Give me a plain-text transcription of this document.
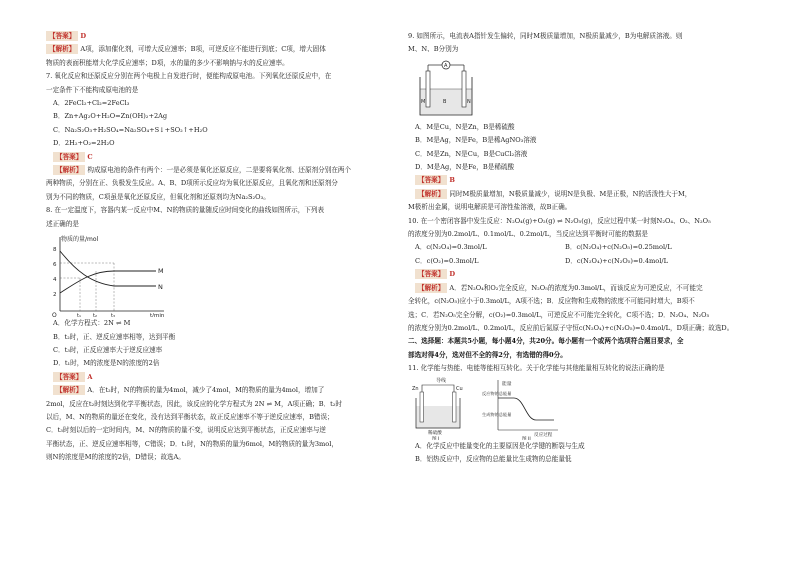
【答案】 D
【解析】 A项，添加催化剂，可增大反应速率；B项，可逆反应不能进行到底；C项，增大固体
物质的表面积能增大化学反应速率；D项，水的量的多少不影响钠与水的反应速率。
7. 氧化反应和还原反应分别在两个电极上自发进行时，便能构成原电池。下列氧化还原反应中，在
一定条件下不能构成原电池的是
A．2FeCl₂+Cl₂=2FeCl₃
B．Zn+Ag₂O+H₂O=Zn(OH)₂+2Ag
C．Na₂S₂O₃+H₂SO₄=Na₂SO₄+S↓+SO₂↑+H₂O
D．2H₂+O₂=2H₂O
【答案】 C
【解析】 构成原电池的条件有两个：一是必须是氧化还原反应，二是要将氧化剂、还原剂分别在两个
两种物质，分别在正、负极发生反应。A、B、D项所示反应均为氧化还原反应，且氧化剂和还原剂分
别为不同的物质，C项虽是氧化还原反应，但氧化剂和还原剂均为Na₂S₂O₃。
8. 在一定温度下，容器内某一反应中M、N的物质的量随反应时间变化的曲线如图所示，下列表
述正确的是
物质的量/mol
t/min
O
8
6
4
2
M
N
t₁ t₂	t₃
A．化学方程式：2N ⇌ M
B．t₂时，正、逆反应速率相等，达到平衡
C．t₃时，正反应速率大于逆反应速率
D．t₁时，M的浓度是N的浓度的2倍
【答案】 A
【解析】 A．在t₂时，N的物质的量为4mol，减少了4mol，M的物质的量为4mol，增加了
2mol，反应在t₂时刻达到化学平衡状态，因此，该反应的化学方程式为 2N ⇌ M，A项正确；B．t₂时
以后，M、N的物质的量还在变化，没有达到平衡状态，故正反应速率不等于逆反应速率，B错误；
C．t₃时刻以后的一定时间内，M、N的物质的量不变，说明反应达到平衡状态，正反应速率与逆
平衡状态，正、逆反应速率相等，C错误；D．t₁时，N的物质的量为6mol，M的物质的量为3mol，
则N的浓度是M的浓度的2倍，D错误；故选A。
9. 如图所示，电流表A指针发生偏转，同时M极质量增加，N极质量减少，B为电解质溶液。则
M、N、B分别为
A
M	N
B
A．M是Cu，N是Zn，B是稀硫酸
B．M是Ag，N是Fe，B是稀AgNO₃溶液
C．M是Zn，N是Cu，B是CuCl₂溶液
D．M是Ag，N是Fe，B是稀硫酸
【答案】 B
【解析】 同时M极质量增加，N极质量减少，说明N是负极、M是正极，N的活泼性大于M，
M极析出金属，说明电解质是可溶性盐溶液，故B正确。
10. 在一个密闭容器中发生反应：N₂O₄(g)+O₂(g) ⇌ N₂O₅(g)，反应过程中某一时刻N₂O₄、O₂、N₂O₅
的浓度分别为0.2mol/L、0.1mol/L、0.2mol/L，当反应达到平衡时可能的数据是
A．c(N₂O₄)=0.3mol/L	B．c(N₂O₄)+c(N₂O₅)=0.25mol/L
C．c(O₂)=0.3mol/L	D．c(N₂O₄)+c(N₂O₅)=0.4mol/L
【答案】 D
【解析】 A．若N₂O₄和O₂完全反应，N₂O₅的浓度为0.3mol/L，而该反应为可逆反应，不可能完
全转化，c(N₂O₅)应小于0.3mol/L，A项不选；B．反应物和生成物的浓度不可能同时增大，B项不
选；C．若N₂O₅完全分解，c(O₂)=0.3mol/L，可逆反应不可能完全转化，C项不选；D．N₂O₄、N₂O₅
的浓度分别为0.2mol/L、0.2mol/L，反应前后氮原子守恒c(N₂O₄)+c(N₂O₅)=0.4mol/L，D项正确；故选D。
二、选择题：本题共5小题，每小题4分，共20分。每小题有一个或两个选项符合题目要求，全
部选对得4分，选对但不全的得2分，有选错的得0分。
11. 化学能与热能、电能等能相互转化。关于化学能与其他能量相互转化的说法正确的是
导线
Zn	Cu
稀硫酸
图 I
能量
反应物的总能量
生成物的总能量
反应过程
图 II
A．化学反应中能量变化的主要原因是化学键的断裂与生成
B．铝热反应中，反应物的总能量比生成物的总能量低
